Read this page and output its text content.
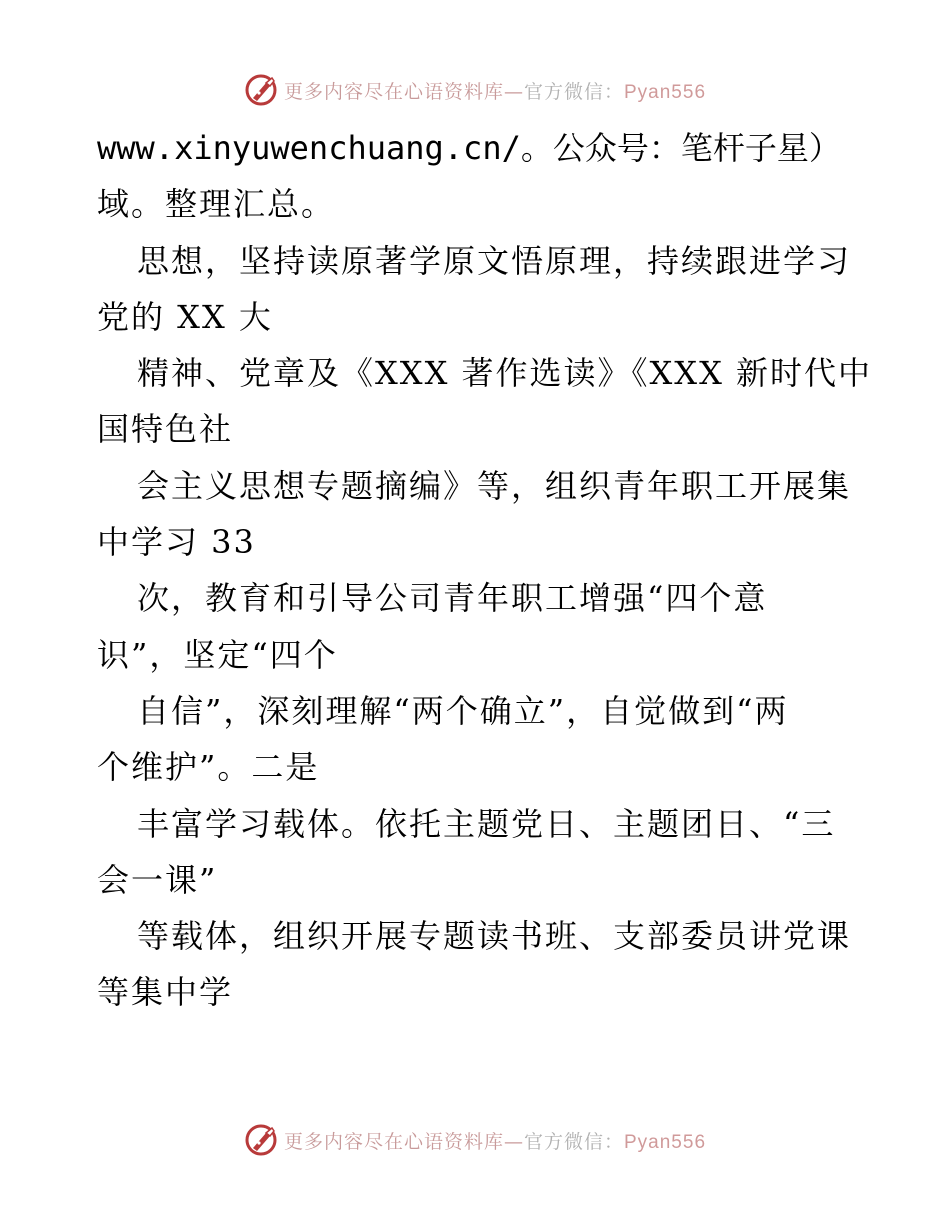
更多内容尽在心语资料库—官方微信：Pyan556
www.xinyuwenchuang.cn/。公众号：笔杆子星）
域。整理汇总。
思想，坚持读原著学原文悟原理，持续跟进学习
党的 XX 大
精神、党章及《XXX 著作选读》《XXX 新时代中
国特色社
会主义思想专题摘编》等，组织青年职工开展集
中学习 33
次，教育和引导公司青年职工增强“四个意
识”，坚定“四个
自信”，深刻理解“两个确立”，自觉做到“两
个维护”。二是
丰富学习载体。依托主题党日、主题团日、“三
会一课”
等载体，组织开展专题读书班、支部委员讲党课
等集中学
更多内容尽在心语资料库—官方微信：Pyan556
